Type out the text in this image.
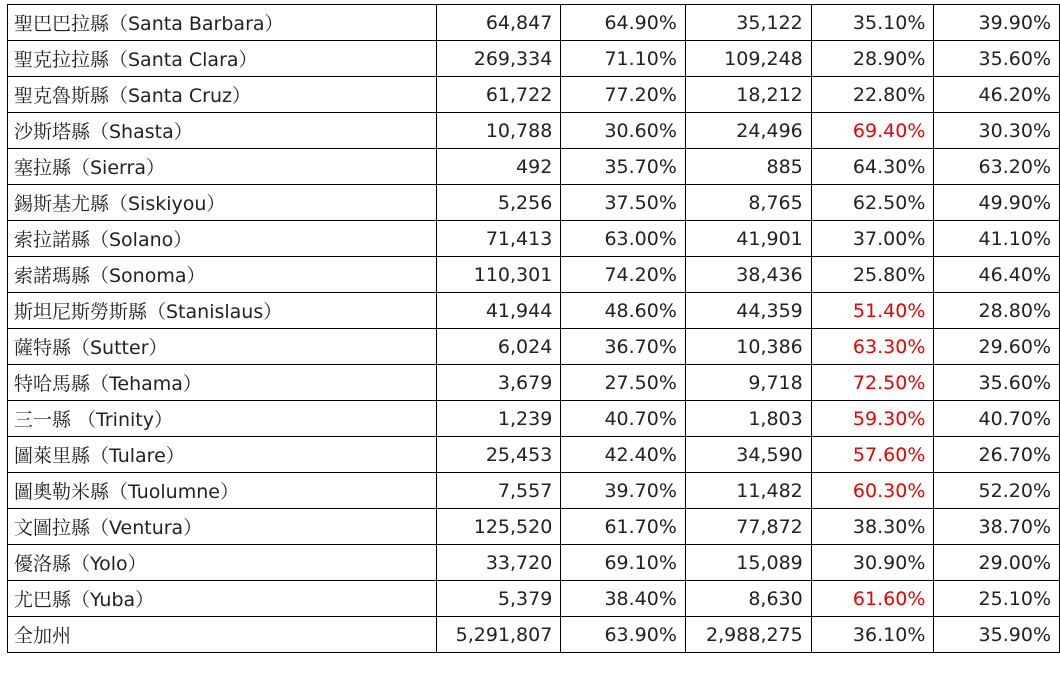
聖巴巴拉縣（Santa Barbara）	64,847	64.90%	35,122	35.10%	39.90%
聖克拉拉縣（Santa Clara）	269,334	71.10%	109,248	28.90%	35.60%
聖克魯斯縣（Santa Cruz）	61,722	77.20%	18,212	22.80%	46.20%
沙斯塔縣（Shasta）	10,788	30.60%	24,496	69.40%	30.30%
塞拉縣（Sierra）	492	35.70%	885	64.30%	63.20%
錫斯基尤縣（Siskiyou）	5,256	37.50%	8,765	62.50%	49.90%
索拉諾縣（Solano）	71,413	63.00%	41,901	37.00%	41.10%
索諾瑪縣（Sonoma）	110,301	74.20%	38,436	25.80%	46.40%
斯坦尼斯勞斯縣（Stanislaus）	41,944	48.60%	44,359	51.40%	28.80%
薩特縣（Sutter）	6,024	36.70%	10,386	63.30%	29.60%
特哈馬縣（Tehama）	3,679	27.50%	9,718	72.50%	35.60%
三一縣 （Trinity）	1,239	40.70%	1,803	59.30%	40.70%
圖萊里縣（Tulare）	25,453	42.40%	34,590	57.60%	26.70%
圖奧勒米縣（Tuolumne）	7,557	39.70%	11,482	60.30%	52.20%
文圖拉縣（Ventura）	125,520	61.70%	77,872	38.30%	38.70%
優洛縣（Yolo）	33,720	69.10%	15,089	30.90%	29.00%
尤巴縣（Yuba）	5,379	38.40%	8,630	61.60%	25.10%
全加州	5,291,807	63.90%	2,988,275	36.10%	35.90%
